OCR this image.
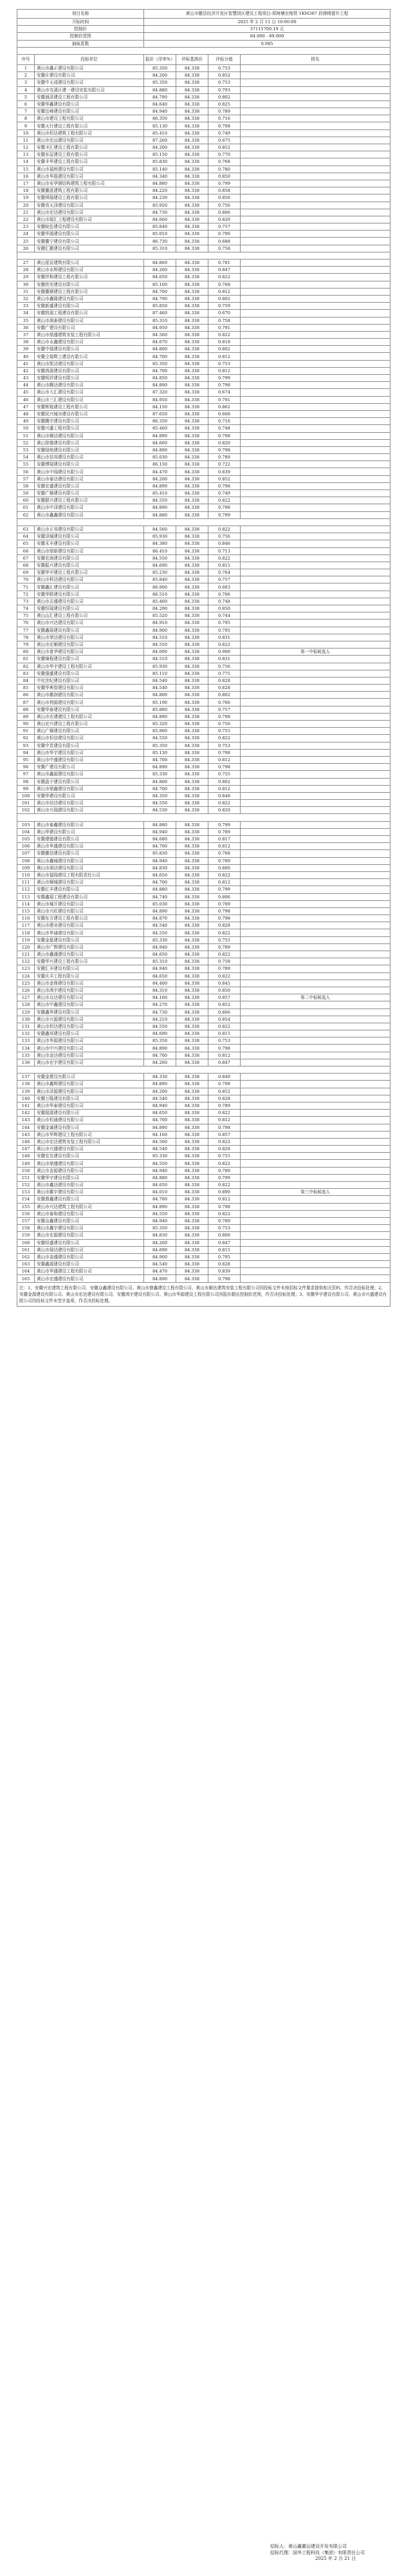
项目名称		黄山市徽县经济开发区智慧园区建设工程项目-郑树塘至炮铁 1KM387 段弹椅提升工程			
开标时间		2025 年 2 月 11 日 10:00:00			
控制价		37115700.19 元			
控制价范围		84.000 - 89.000			
抽取系数		0.985			

序号	投标单位	报价（浮率%）	评标基准价	评标分值	排名
1	黄山市鑫正建设有限公司	85.350	84.338	0.753	
2	安徽庄建设有限公司	84.200	84.338	0.852	
3	安徽中天成建设有限公司	85.350	84.338	0.753	
4	黄山市屯溪区建一建设安装有限公司	84.880	84.338	0.793	
5	安徽润泽建设工程有限公司	84.790	84.338	0.802	
6	安徽华鑫建设有限公司	84.640	84.338	0.825	
7	安徽岳峰建设有限公司	84.940	84.338	0.789	
8	黄山市建设工程有限公司	86.350	84.338	0.716	
9	安徽天行建设工程有限公司	85.130	84.338	0.798	
10	黄山市恒达建筑工程有限公司	85.410	84.338	0.749	
11	黄山市宏远建设有限公司	87.260	84.338	0.675	
12	安徽圣汇建设工程有限公司	84.200	84.338	0.852	
13	安徽东屋建设工程有限公司	85.150	84.338	0.770	
14	安徽丰华建设工程有限公司	85.830	84.338	0.768	
15	黄山市福庭建设有限公司	85.140	84.338	0.780	
16	黄山市华磊建设有限公司	84.340	84.338	0.850	
17	黄山市安华钢结构建筑工程有限公司	84.880	84.338	0.799	
18	安徽徽派建筑工程有限公司	84.220	84.338	0.858	
19	安徽琪瑞建设工程有限公司	84.230	84.338	0.856	
20	安徽省天泽建设有限公司	85.920	84.338	0.756	
21	黄山市宏达建设有限公司	84.730	84.338	0.806	
22	黄山市瑞汇工程建设有限公司	84.660	84.338	0.820	
23	安徽皖佳建设有限公司	85.840	84.338	0.757	
24	安徽华源建设有限公司	85.010	84.338	0.790	
25	安徽徽宁建设有限公司	86.730	84.338	0.688	
26	安徽汇徽建设有限公司	85.310	84.338	0.758	

27	黄山星辰建筑有限公司	84.860	84.338	0.781	
28	黄山市永辉建设有限公司	84.260	84.338	0.847	
29	安徽祥和建设工程有限公司	84.650	84.338	0.822	
30	安徽欣安建设有限公司	85.160	84.338	0.768	
31	安徽徽顺建设工程有限公司	84.700	84.338	0.812	
32	黄山市鑫隆建设有限公司	84.790	84.338	0.802	
33	安徽新盛建设有限公司	85.850	84.338	0.759	
34	安徽凯瑞工程建设有限公司	87.460	84.338	0.670	
35	黄山市润泰建设有限公司	85.310	84.338	0.758	
36	安徽广建设有限公司	84.950	84.338	0.791	
37	黄山市鼎盛建筑安装工程有限公司	84.560	84.338	0.822	
38	黄山市永鑫建设有限公司	84.670	84.338	0.818	
39	安徽中瑞建设有限公司	84.800	84.338	0.802	
40	安徽仝瑞辉工建设有限公司	84.700	84.338	0.812	
41	黄山市凯达建设有限公司	85.350	84.338	0.753	
42	安徽鸿源建设有限公司	84.700	84.338	0.812	
43	安徽明祥建设有限公司	84.850	84.338	0.799	
44	黄山市腾达建设有限公司	84.890	84.338	0.798	
45	黄山市大汇建设有限公司	87.320	84.338	0.674	
46	黄山市三汇建设有限公司	84.950	84.338	0.791	
47	安徽辉煌建设工程有限公司	84.150	84.338	0.862	
48	安徽民兴城市建设有限公司	87.650	84.338	0.668	
49	安徽腾宇建设有限公司	86.350	84.338	0.716	
50	安徽兴盛工程有限公司	85.460	84.338	0.748	
51	黄山市顺达建设有限公司	84.890	84.338	0.798	
52	黄山智德建设有限公司	84.660	84.338	0.820	
53	安徽绿地建设有限公司	84.890	84.338	0.798	
54	黄山市信邦建设有限公司	85.030	84.338	0.789	
55	安徽博瑞建设有限公司	86.150	84.338	0.722	
56	黄山市中瑞建设有限公司	84.470	84.338	0.839	
57	黄山市泰达建设有限公司	84.200	84.338	0.852	
58	安徽宏盛建设有限公司	84.890	84.338	0.798	
59	安徽广顺建设有限公司	85.410	84.338	0.749	
60	安徽群兴建设工程有限公司	84.550	84.338	0.822	
61	黄山市中泽建设有限公司	84.890	84.338	0.798	
62	黄山市鑫鑫建设有限公司	84.880	84.338	0.799	

63	黄山市正邦建设有限公司	84.560	84.338	0.822	
64	安徽泽城建设有限公司	85.930	84.338	0.756	
65	安徽禾丰建设有限公司	84.380	84.338	0.846	
66	黄山市鼎新建设有限公司	86.410	84.338	0.713	
67	安徽宏润建设有限公司	84.550	84.338	0.822	
68	安徽振兴建设有限公司	84.690	84.338	0.815	
69	安徽华宇建设工程有限公司	85.230	84.338	0.764	
70	黄山市科达建设有限公司	85.840	84.338	0.757	
71	安徽鑫汇建设有限公司	86.900	84.338	0.683	
72	安徽华联建设有限公司	86.510	84.338	0.706	
73	黄山市志盛建设有限公司	85.460	84.338	0.748	
74	安徽恒瑞建设有限公司	84.290	84.338	0.850	
75	黄山山汇建设工程有限公司	85.520	84.338	0.744	
76	黄山市兴达建设有限公司	84.910	84.338	0.795	
77	安徽鑫瑞建设有限公司	84.900	84.338	0.795	
78	黄山市荣达建设有限公司	84.510	84.338	0.831	
79	黄山市宏顺建设有限公司	84.550	84.338	0.822	
80	黄山市普华建设有限公司	84.000	84.338	0.900	第一中标候选人
81	安徽锦程建设有限公司	84.510	84.338	0.831	
82	黄山市华宇建设工程有限公司	85.930	84.338	0.756	
83	安徽强盛建设有限公司	85.110	84.338	0.775	
84	中化世纪建设有限公司	84.540	84.338	0.828	
85	安徽华典智建设有限公司	84.540	84.338	0.828	
86	黄山市徽润建设有限公司	84.800	84.338	0.802	
87	黄山市利源建设有限公司	85.190	84.338	0.766	
88	安徽华泰建设有限公司	85.880	84.338	0.757	
89	黄山市宏建建设工程有限公司	84.890	84.338	0.798	
90	黄山宏兴建设工程有限公司	85.320	84.338	0.756	
91	黄山广顺建设有限公司	85.960	84.338	0.755	
92	黄山市恒信建设有限公司	84.550	84.338	0.822	
93	安徽中贵建设有限公司	85.350	84.338	0.753	
94	黄山市华宇建设有限公司	85.130	84.338	0.798	
95	黄山市中盛建设有限公司	84.700	84.338	0.812	
96	安徽广建设有限公司	84.890	84.338	0.798	
97	黄山市鑫源建设有限公司	85.330	84.338	0.755	
98	安徽晶宁建设有限公司	84.800	84.338	0.802	
99	黄山市鼎鑫建设有限公司	84.700	84.338	0.812	
100	安徽华建设有限公司	84.350	84.338	0.848	
101	黄山市信达建设有限公司	84.550	84.338	0.822	
102	黄山市兴瑞建设有限公司	84.530	84.338	0.820	

103	黄山市泰鑫建设有限公司	84.880	84.338	0.799	
104	黄山华建设有限公司	84.940	84.338	0.789	
105	安徽建德建设有限公司	84.680	84.338	0.817	
106	黄山市华盛建设有限公司	84.700	84.338	0.812	
107	安徽徽信建设有限公司	85.830	84.338	0.768	
108	黄山市鑫城建设有限公司	84.940	84.338	0.789	
109	黄山市润达建设有限公司	84.830	84.338	0.800	
110	黄山市福瑞建设工程有限责任公司	84.650	84.338	0.822	
111	黄山市顺城建设有限公司	84.700	84.338	0.812	
112	安徽亿丰建设有限公司	84.880	84.338	0.799	
113	安徽鑫瑞工程建设有限公司	84.740	84.338	0.806	
114	黄山市城开建设有限公司	85.030	84.338	0.789	
115	黄山市兴旺建设有限公司	84.890	84.338	0.798	
116	安徽东方建设工程有限公司	84.870	84.338	0.798	
117	黄山市建业建设有限公司	84.540	84.338	0.828	
118	黄山市华诚建设有限公司	84.550	84.338	0.822	
119	安徽金磊建设有限公司	85.330	84.338	0.755	
120	黄山市广辉建设有限公司	84.940	84.338	0.789	
121	黄山市鑫盛建设有限公司	84.650	84.338	0.822	
122	安徽华兴建设工程有限公司	85.310	84.338	0.758	
123	安徽汇丰建设有限公司	84.940	84.338	0.789	
124	安徽庆丰工程有限公司	84.650	84.338	0.822	
125	黄山市金鼎建设有限公司	84.400	84.338	0.845	
126	黄山市鸿宇建设有限公司	84.310	84.338	0.850	
127	黄山市众达建设有限公司	84.160	84.338	0.857	第二中标候选人
128	黄山市中鑫建设有限公司	84.270	84.338	0.852	
129	安徽鑫华建设有限公司	84.730	84.338	0.806	
130	黄山市兴源建设有限公司	84.210	84.338	0.854	
131	黄山市恒达建设有限公司	84.550	84.338	0.822	
132	安徽鑫邦建设有限公司	84.690	84.338	0.815	
133	黄山市华源建设有限公司	85.350	84.338	0.753	
134	黄山市中兴建设有限公司	84.890	84.338	0.798	
135	黄山市金达建设有限公司	84.700	84.338	0.812	
136	黄山市宏宇建设有限公司	84.260	84.338	0.847	

137	安徽金建设有限公司	84.330	84.338	0.849	
138	黄山市鑫辉建设有限公司	84.890	84.338	0.798	
139	黄山市泽源建设有限公司	84.200	84.338	0.852	
140	安徽万隆建设有限公司	84.540	84.338	0.828	
141	黄山市华泰建设有限公司	84.940	84.338	0.789	
142	安徽瑞源建设有限公司	84.650	84.338	0.822	
143	黄山市恒通建设有限公司	84.700	84.338	0.812	
144	安徽金诚建设有限公司	84.890	84.338	0.798	
145	黄山市华辉建设工程有限公司	84.160	84.338	0.857	
146	黄山市宏达建筑安装工程有限公司	84.560	84.338	0.822	
147	黄山市兴盛建设有限公司	84.540	84.338	0.828	
148	安徽宏达建设有限公司	85.330	84.338	0.755	
149	黄山市鼎盛建设有限公司	84.550	84.338	0.822	
150	黄山市金源建设有限公司	84.940	84.338	0.789	
151	安徽华宇建设有限公司	84.880	84.338	0.799	
152	黄山市鑫达建设有限公司	84.650	84.338	0.822	
153	黄山市徽宇建设有限公司	84.010	84.338	0.890	第三中标候选人
154	安徽鼎鑫建设有限公司	84.700	84.338	0.812	
155	黄山市兴达建筑工程有限公司	84.890	84.338	0.798	
156	黄山市泰和建设有限公司	84.550	84.338	0.822	
157	安徽众鑫建设有限公司	84.940	84.338	0.789	
158	黄山市鑫宇建设有限公司	85.350	84.338	0.753	
159	黄山市宏源建设有限公司	84.830	84.338	0.800	
160	安徽恒盛建设有限公司	84.260	84.338	0.847	
161	黄山市瑞达建设有限公司	84.690	84.338	0.815	
162	黄山市金盛建设有限公司	84.900	84.338	0.795	
163	安徽鑫源建设有限公司	84.540	84.338	0.828	
164	黄山市华盛建设工程有限公司	84.470	84.338	0.839	
165	黄山市宏盛建设有限公司	84.890	84.338	0.798	
注：1、安徽兴宏建筑工程有限公司、安徽众鑫建设有限公司、黄山市鼎鑫建设工程有限公司、黄山市顺达建筑安装工程有限公司因投标文件未按招标文件要求提供相关资料，作否决投标处理；2、安徽金源建设有限公司、黄山市宏达建设有限公司、安徽鸿宇建设有限公司、黄山市华源建设工程有限公司因报价超出控制价范围，作否决投标处理；3、安徽华宇建设有限公司、黄山市兴盛建设有限公司因投标文件未签字盖章，作否决投标处理。					
招标人：黄山鑫徽运建设开发有限公司
招标代理：国华工程科技（集团）有限责任公司
2025 年 2 月 21 日
